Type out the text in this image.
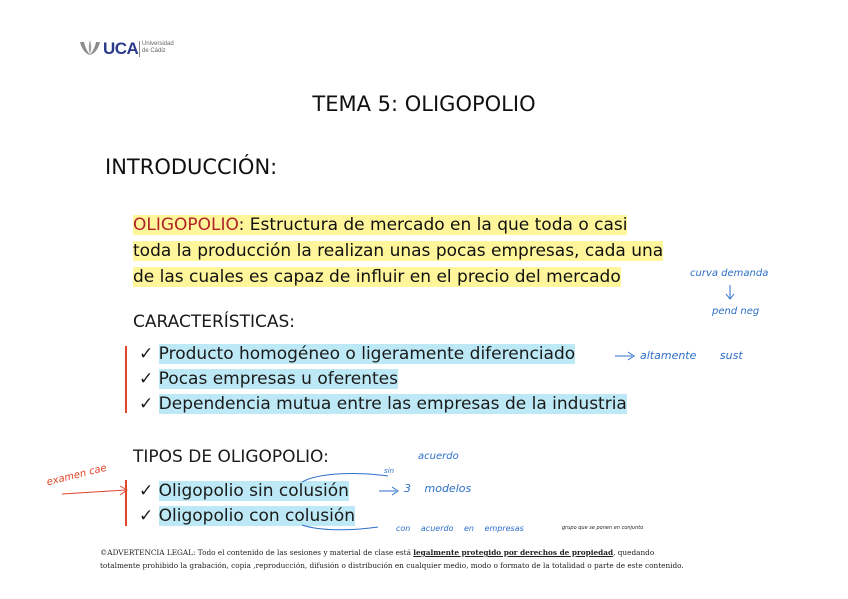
UCA Universidad
de Cádiz
TEMA 5: OLIGOPOLIO
INTRODUCCIÓN:
OLIGOPOLIO: Estructura de mercado en la que toda o casi
toda la producción la realizan unas pocas empresas, cada una
de las cuales es capaz de influir en el precio del mercado
CARACTERÍSTICAS:
✓ Producto homogéneo o ligeramente diferenciado
✓ Pocas empresas u oferentes
✓ Dependencia mutua entre las empresas de la industria
TIPOS DE OLIGOPOLIO:
✓ Oligopolio sin colusión
✓ Oligopolio con colusión
curva demanda
pend neg
altamente sust
sin
acuerdo
3 modelos
examen cae
con acuerdo en empresas	grupo que se ponen en conjunto
©ADVERTENCIA LEGAL: Todo el contenido de las sesiones y material de clase está legalmente protegido por derechos de propiedad, quedando
totalmente prohibido la grabación, copia ,reproducción, difusión o distribución en cualquier medio, modo o formato de la totalidad o parte de este contenido.
